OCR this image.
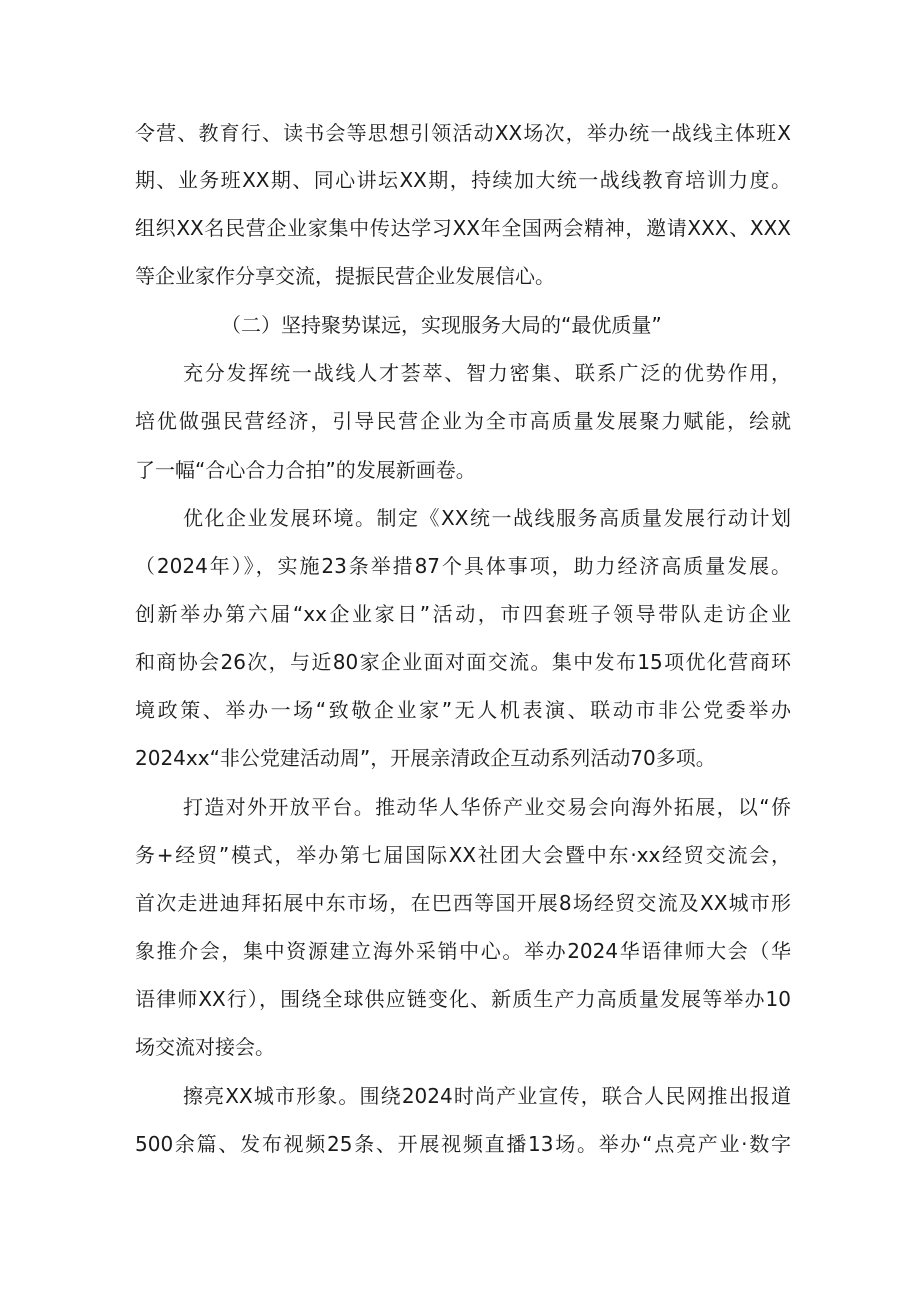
令营、教育行、读书会等思想引领活动XX场次，举办统一战线主体班X
期、业务班XX期、同心讲坛XX期，持续加大统一战线教育培训力度。
组织XX名民营企业家集中传达学习XX年全国两会精神，邀请XXX、XXX
等企业家作分享交流，提振民营企业发展信心。
（二）坚持聚势谋远，实现服务大局的“最优质量”
充分发挥统一战线人才荟萃、智力密集、联系广泛的优势作用，
培优做强民营经济，引导民营企业为全市高质量发展聚力赋能，绘就
了一幅“合心合力合拍”的发展新画卷。
优化企业发展环境。制定《XX统一战线服务高质量发展行动计划
（2024年）》，实施23条举措87个具体事项，助力经济高质量发展。
创新举办第六届“xx企业家日”活动，市四套班子领导带队走访企业
和商协会26次，与近80家企业面对面交流。集中发布15项优化营商环
境政策、举办一场“致敬企业家”无人机表演、联动市非公党委举办
2024xx“非公党建活动周”，开展亲清政企互动系列活动70多项。
打造对外开放平台。推动华人华侨产业交易会向海外拓展，以“侨
务+经贸”模式，举办第七届国际XX社团大会暨中东·xx经贸交流会，
首次走进迪拜拓展中东市场，在巴西等国开展8场经贸交流及XX城市形
象推介会，集中资源建立海外采销中心。举办2024华语律师大会（华
语律师XX行），围绕全球供应链变化、新质生产力高质量发展等举办10
场交流对接会。
擦亮XX城市形象。围绕2024时尚产业宣传，联合人民网推出报道
500余篇、发布视频25条、开展视频直播13场。举办“点亮产业·数字
